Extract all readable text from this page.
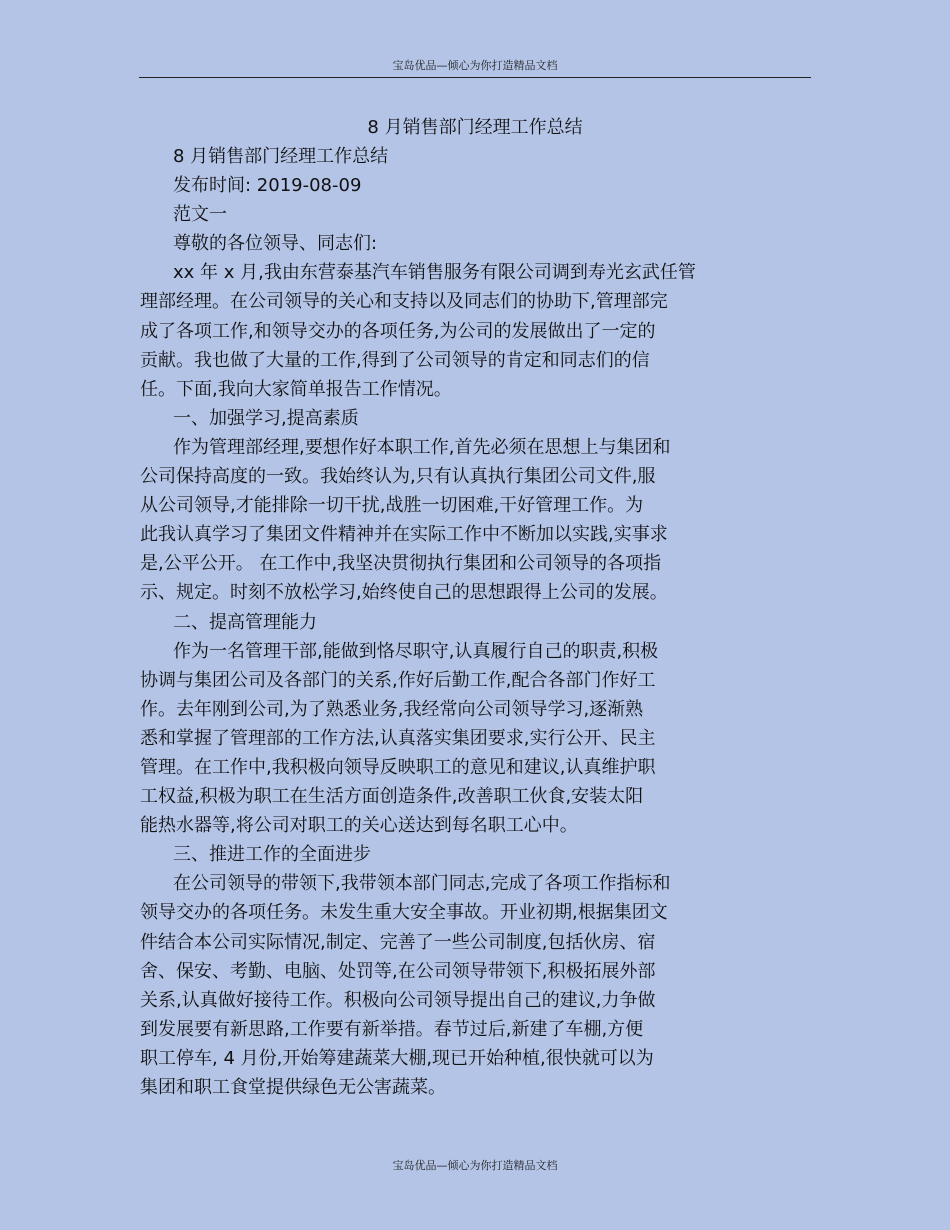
宝岛优品—倾心为你打造精品文档
8 月销售部门经理工作总结
8 月销售部门经理工作总结
发布时间: 2019-08-09
范文一
尊敬的各位领导、同志们:
xx 年 x 月,我由东营泰基汽车销售服务有限公司调到寿光玄武任管
理部经理。在公司领导的关心和支持以及同志们的协助下,管理部完
成了各项工作,和领导交办的各项任务,为公司的发展做出了一定的
贡献。我也做了大量的工作,得到了公司领导的肯定和同志们的信
任。下面,我向大家简单报告工作情况。
一、加强学习,提高素质
作为管理部经理,要想作好本职工作,首先必须在思想上与集团和
公司保持高度的一致。我始终认为,只有认真执行集团公司文件,服
从公司领导,才能排除一切干扰,战胜一切困难,干好管理工作。为
此我认真学习了集团文件精神并在实际工作中不断加以实践,实事求
是,公平公开。 在工作中,我坚决贯彻执行集团和公司领导的各项指
示、规定。时刻不放松学习,始终使自己的思想跟得上公司的发展。
二、提高管理能力
作为一名管理干部,能做到恪尽职守,认真履行自己的职责,积极
协调与集团公司及各部门的关系,作好后勤工作,配合各部门作好工
作。去年刚到公司,为了熟悉业务,我经常向公司领导学习,逐渐熟
悉和掌握了管理部的工作方法,认真落实集团要求,实行公开、民主
管理。在工作中,我积极向领导反映职工的意见和建议,认真维护职
工权益,积极为职工在生活方面创造条件,改善职工伙食,安装太阳
能热水器等,将公司对职工的关心送达到每名职工心中。
三、推进工作的全面进步
在公司领导的带领下,我带领本部门同志,完成了各项工作指标和
领导交办的各项任务。未发生重大安全事故。开业初期,根据集团文
件结合本公司实际情况,制定、完善了一些公司制度,包括伙房、宿
舍、保安、考勤、电脑、处罚等,在公司领导带领下,积极拓展外部
关系,认真做好接待工作。积极向公司领导提出自己的建议,力争做
到发展要有新思路,工作要有新举措。春节过后,新建了车棚,方便
职工停车, 4 月份,开始筹建蔬菜大棚,现已开始种植,很快就可以为
集团和职工食堂提供绿色无公害蔬菜。
宝岛优品—倾心为你打造精品文档
